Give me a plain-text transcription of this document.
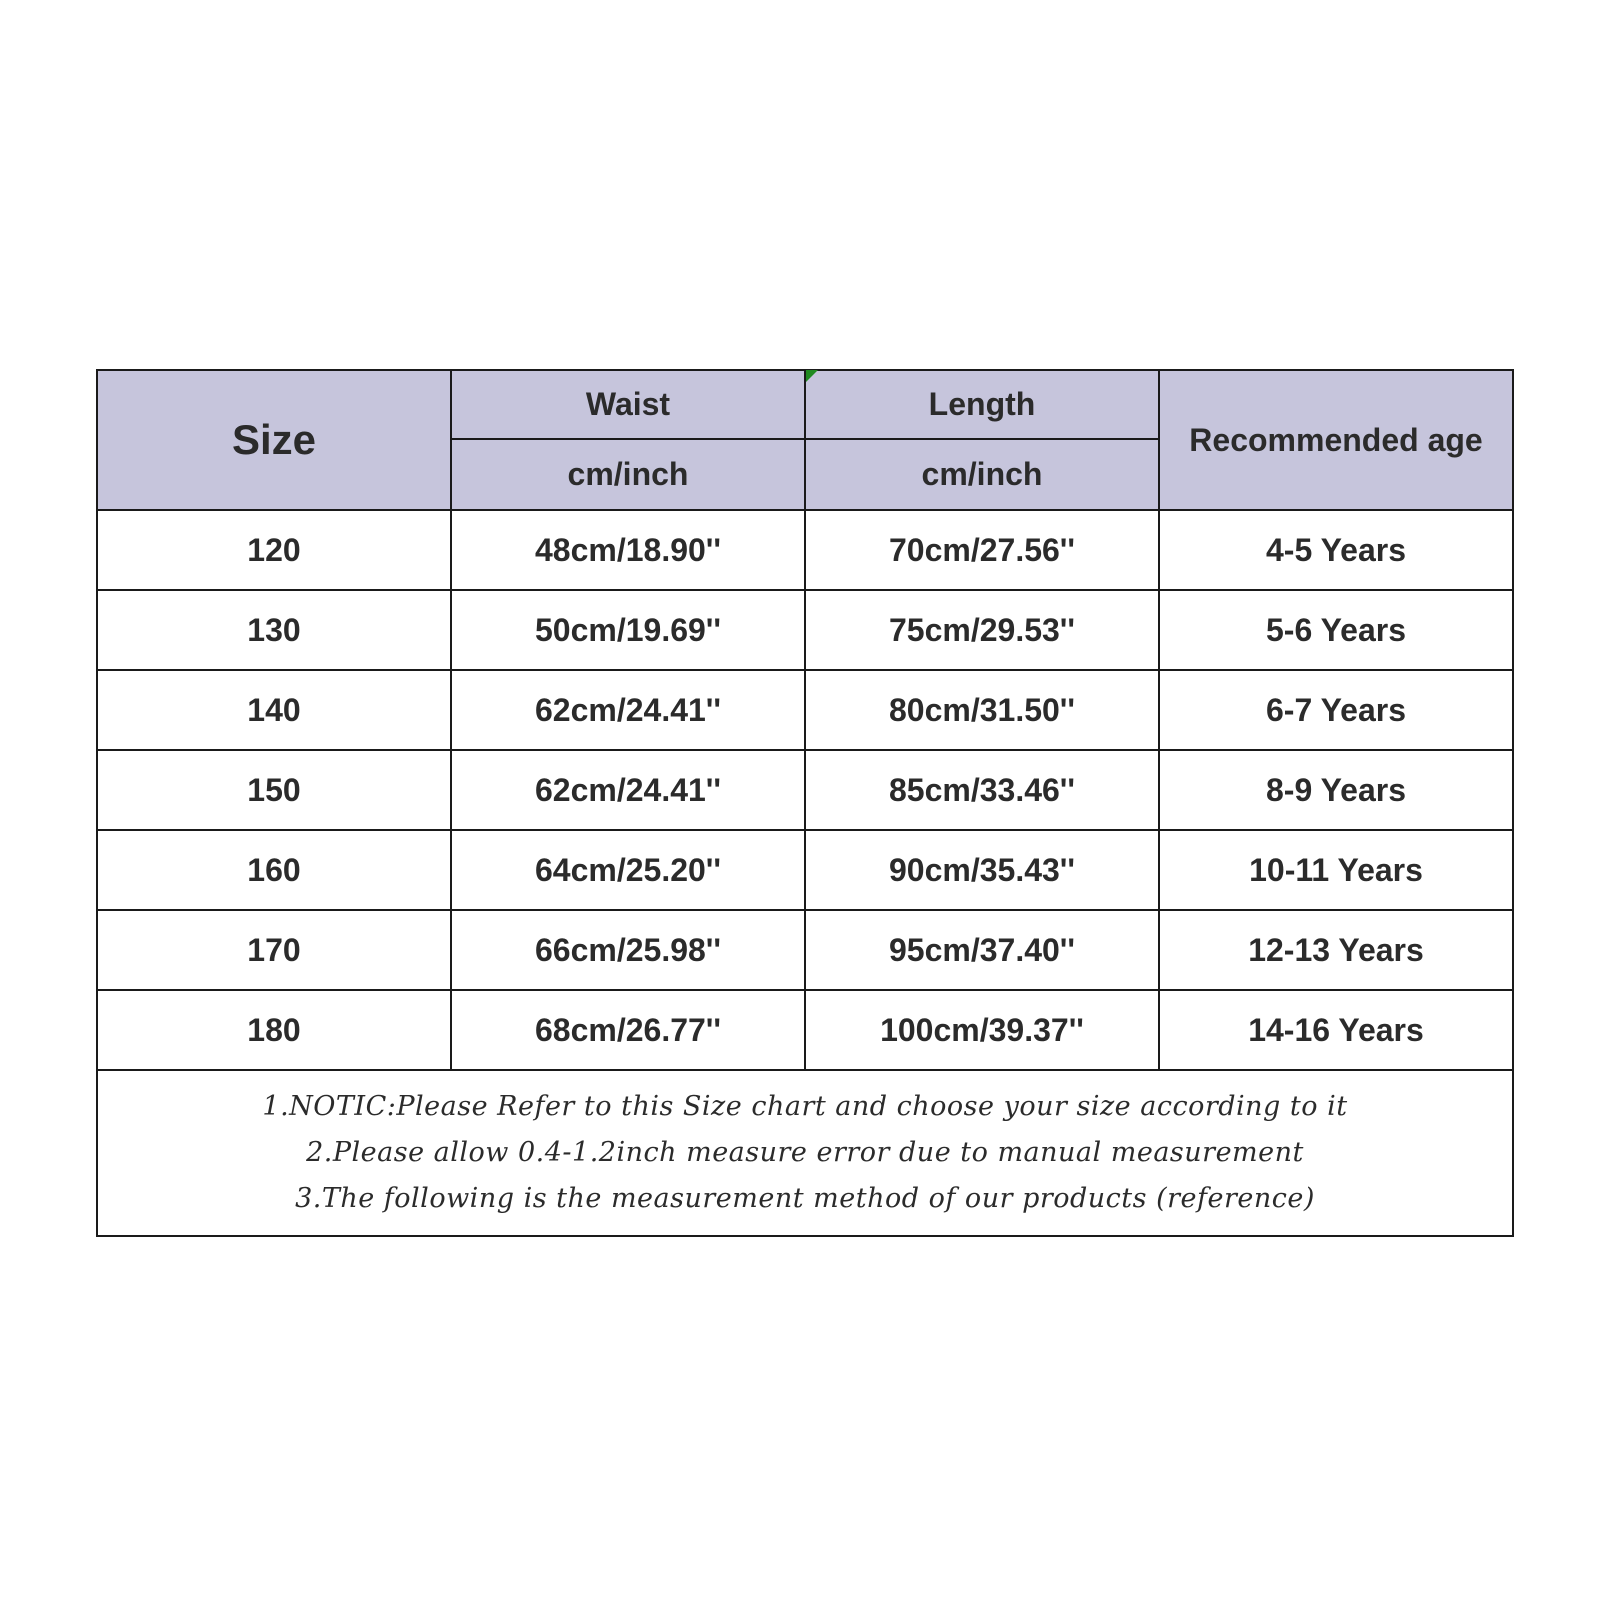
Size	Waist	Length	Recommended age
	cm/inch	cm/inch	
120	48cm/18.90''	70cm/27.56''	4-5 Years
130	50cm/19.69''	75cm/29.53''	5-6 Years
140	62cm/24.41''	80cm/31.50''	6-7 Years
150	62cm/24.41''	85cm/33.46''	8-9 Years
160	64cm/25.20''	90cm/35.43''	10-11 Years
170	66cm/25.98''	95cm/37.40''	12-13 Years
180	68cm/26.77''	100cm/39.37''	14-16 Years

1.NOTIC:Please Refer to this Size chart and choose your size according to it
2.Please allow 0.4-1.2inch measure error due to manual measurement
3.The following is the measurement method of our products (reference)			
